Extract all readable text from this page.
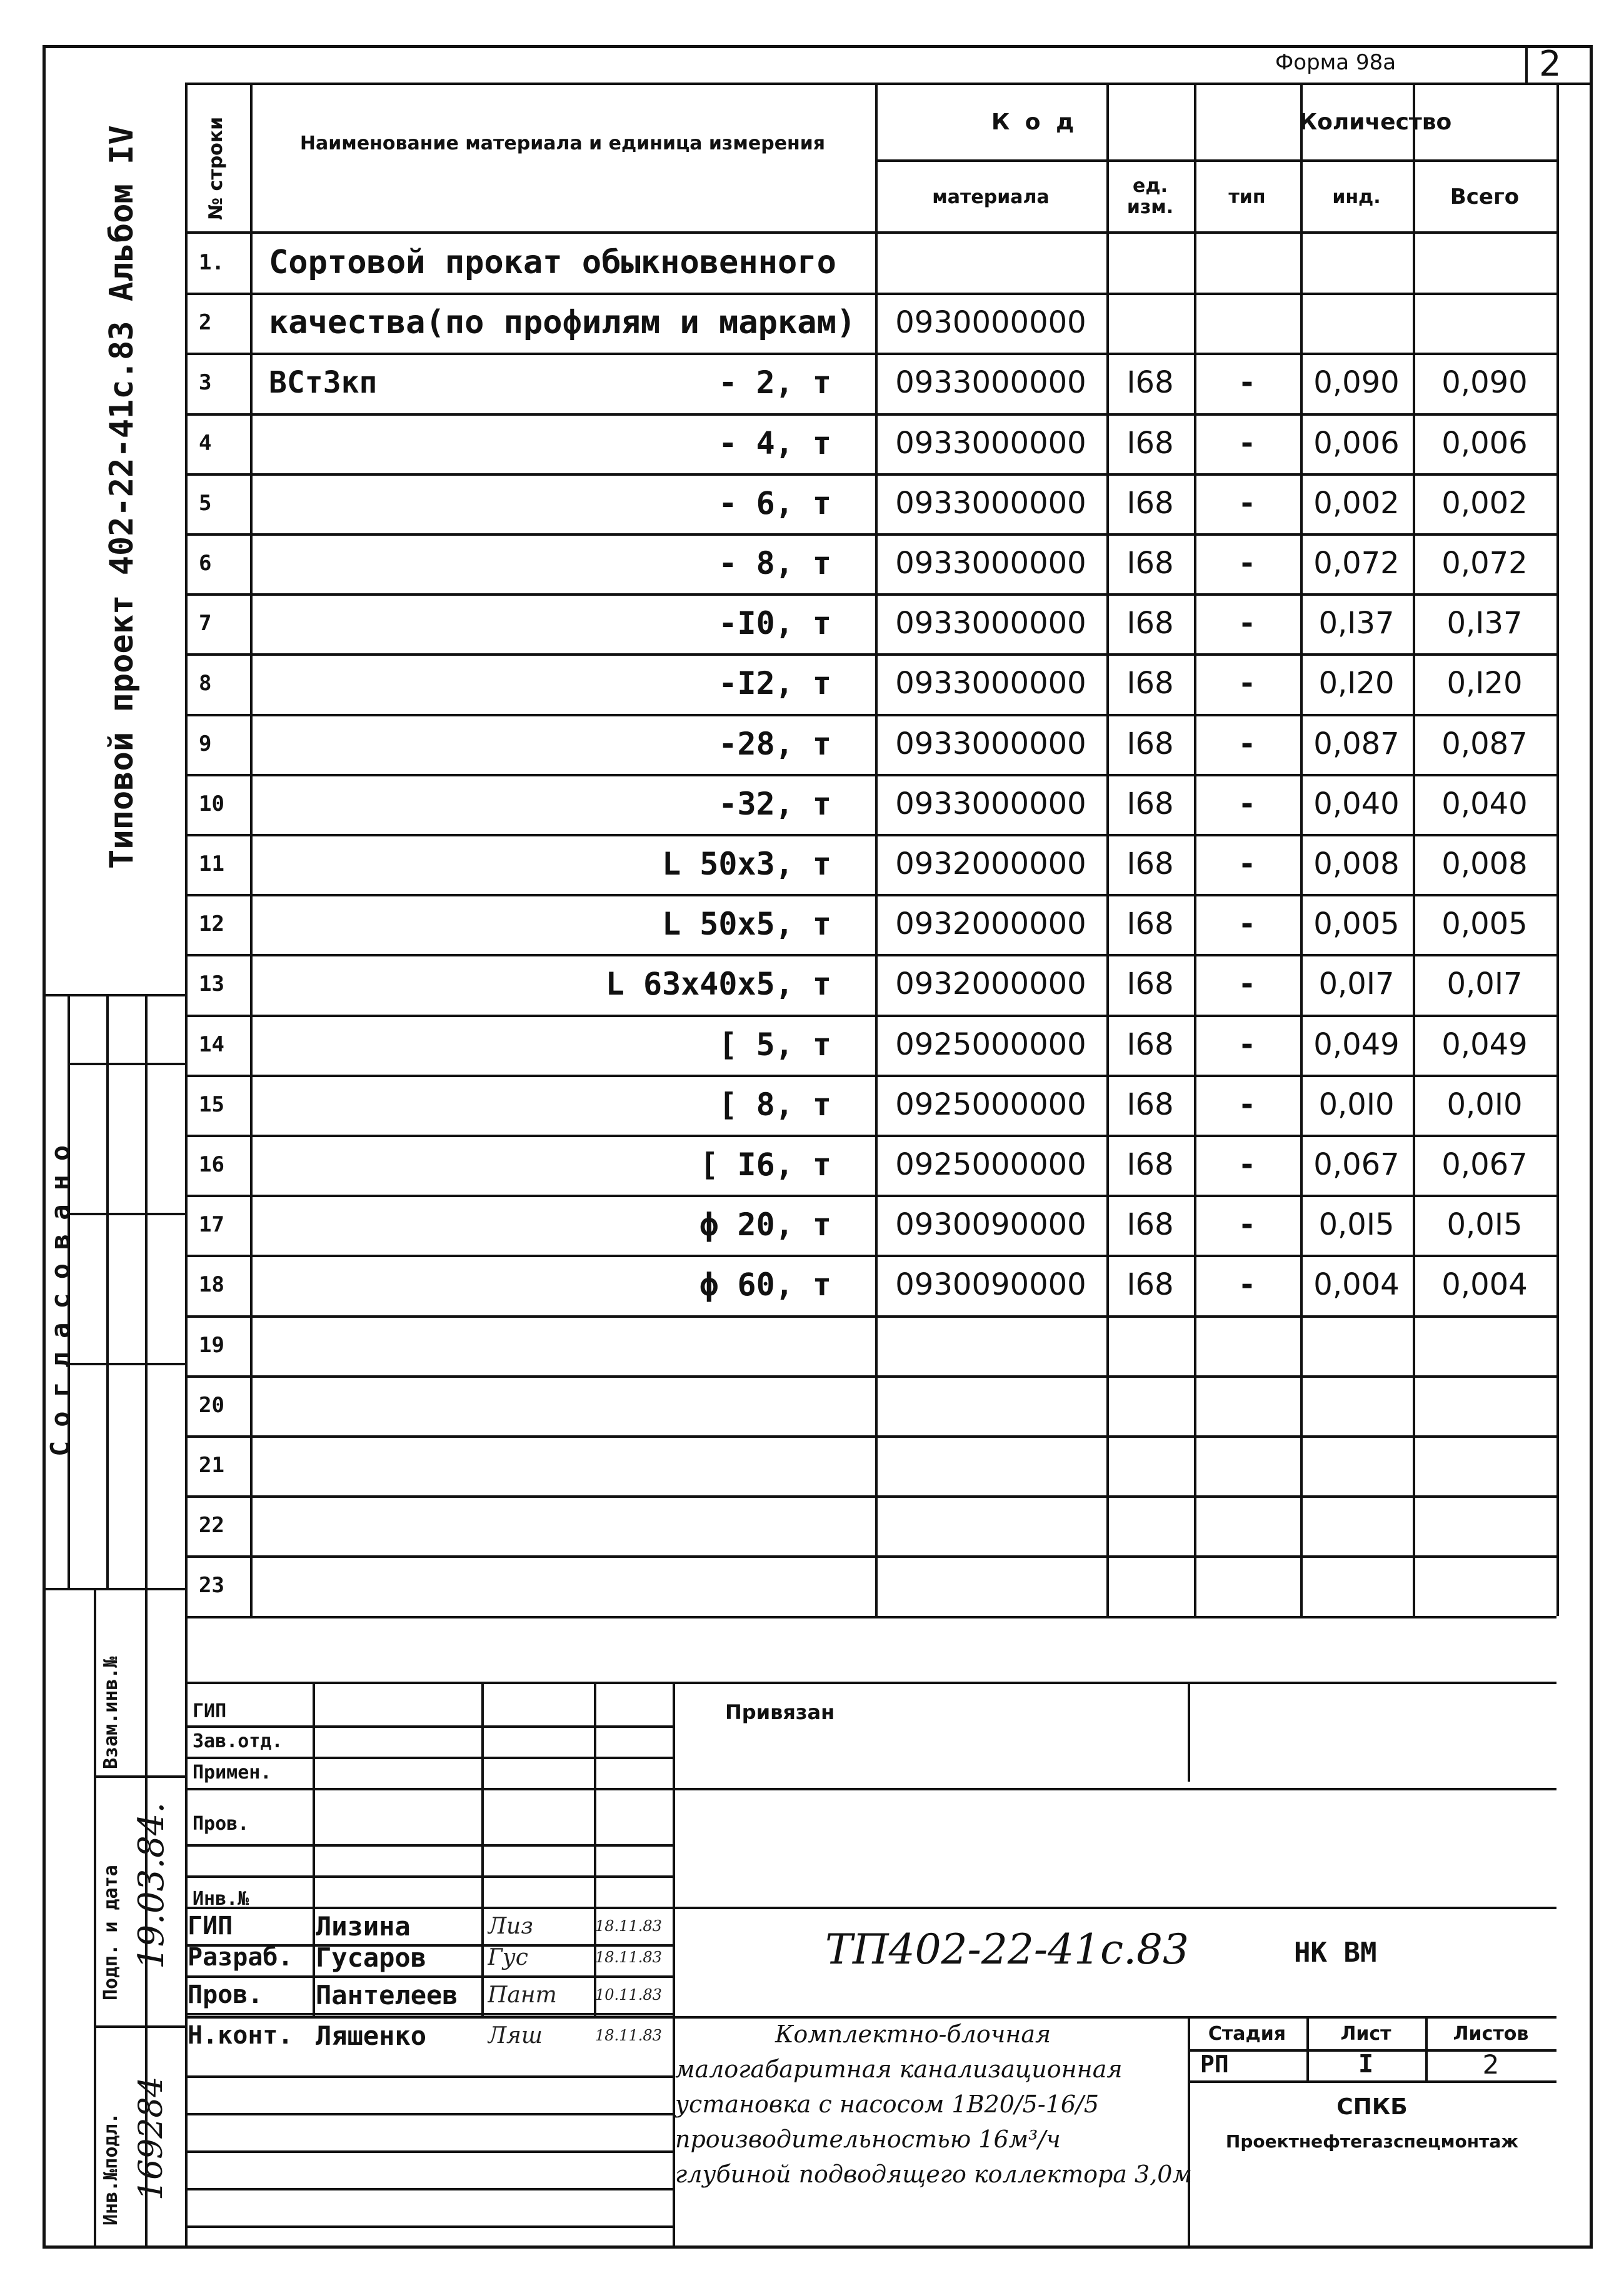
Форма 98а	2
Типовой проект 402-22-41с.83 Альбом IV
Согласовано
Взам.инв.№
Подп. и дата 19.03.84.
Инв.№подл. 169284
№ строки	Наименование материала и единица измерения
К о д	Количество
материала	ед. изм.	тип	инд.	Всего
1.	Сортовой прокат обыкновенного
2	качества(по профилям и маркам)	0930000000
3	ВСт3кп	- 2, т	0933000000	I68	-	0,090	0,090
4	- 4, т	0933000000	I68	-	0,006	0,006
5	- 6, т	0933000000	I68	-	0,002	0,002
6	- 8, т	0933000000	I68	-	0,072	0,072
7	-I0, т	0933000000	I68	-	0,I37	0,I37
8	-I2, т	0933000000	I68	-	0,I20	0,I20
9	-28, т	0933000000	I68	-	0,087	0,087
10	-32, т	0933000000	I68	-	0,040	0,040
11	L 50x3, т	0932000000	I68	-	0,008	0,008
12	L 50x5, т	0932000000	I68	-	0,005	0,005
13	L 63x40x5, т	0932000000	I68	-	0,0I7	0,0I7
14	[ 5, т	0925000000	I68	-	0,049	0,049
15	[ 8, т	0925000000	I68	-	0,0I0	0,0I0
16	[ I6, т	0925000000	I68	-	0,067	0,067
17	ϕ 20, т	0930090000	I68	-	0,0I5	0,0I5
18	ϕ 60, т	0930090000	I68	-	0,004	0,004
19
20
21
22
23
ГИП
Зав.отд.
Примен.
Пров.
Инв.№
Привязан
ГИП	Лизина	Лиз	18.11.83
Разраб. Гусаров	Гус	18.11.83
Пров.	Пантелеев	Пант	10.11.83
Н.конт. Ляшенко	Ляш	18.11.83
ТП402-22-41с.83	НК ВМ
Комплектно-блочная
малогабаритная канализационная
установка с насосом 1В20/5-16/5
производительностью 16м³/ч
глубиной подводящего коллектора 3,0м
Стадия	Лист	Листов
РП	I	2
СПКБ
Проектнефтегазспецмонтаж
